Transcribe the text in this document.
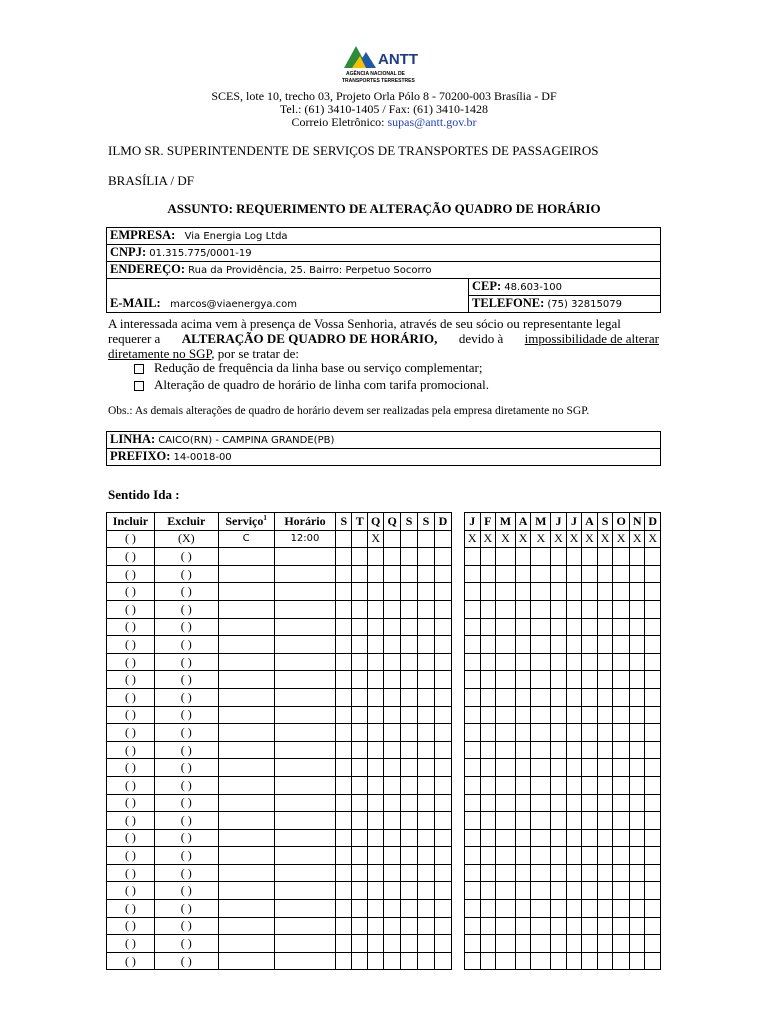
ANTT
AGÊNCIA NACIONAL DE
TRANSPORTES TERRESTRES
SCES, lote 10, trecho 03, Projeto Orla Pólo 8 - 70200-003 Brasília - DF
Tel.: (61) 3410-1405 / Fax: (61) 3410-1428
Correio Eletrônico: supas@antt.gov.br
ILMO SR. SUPERINTENDENTE DE SERVIÇOS DE TRANSPORTES DE PASSAGEIROS
BRASÍLIA / DF
ASSUNTO: REQUERIMENTO DE ALTERAÇÃO QUADRO DE HORÁRIO
EMPRESA: Via Energia Log Ltda
CNPJ: 01.315.775/0001-19
ENDEREÇO: Rua da Providência, 25. Bairro: Perpetuo Socorro
E-MAIL: marcos@viaenergya.com	CEP: 48.603-100
TELEFONE: (75) 32815079
A interessada acima vem à presença de Vossa Senhoria, através de seu sócio ou representante legal
requerer a ALTERAÇÃO DE QUADRO DE HORÁRIO, devido à impossibilidade de alterar
diretamente no SGP, por se tratar de:
Redução de frequência da linha base ou serviço complementar;
Alteração de quadro de horário de linha com tarifa promocional.
Obs.: As demais alterações de quadro de horário devem ser realizadas pela empresa diretamente no SGP.
LINHA: CAICO(RN) - CAMPINA GRANDE(PB)
PREFIXO: 14-0018-00
Sentido Ida :
Incluir	Excluir	Serviço$^1$	Horário	S	T	Q	Q	S	S	D
( )	(X)	C	12:00			X				
( )	( )									
( )	( )									
( )	( )									
( )	( )									
( )	( )									
( )	( )									
( )	( )									
( )	( )									
( )	( )									
( )	( )									
( )	( )									
( )	( )									
( )	( )									
( )	( )									
( )	( )									
( )	( )									
( )	( )									
( )	( )									
( )	( )									
( )	( )									
( )	( )									
( )	( )									
( )	( )									
( )	( )									
J	F	M	A	M	J	J	A	S	O	N	D
X	X	X	X	X	X	X	X	X	X	X	X
